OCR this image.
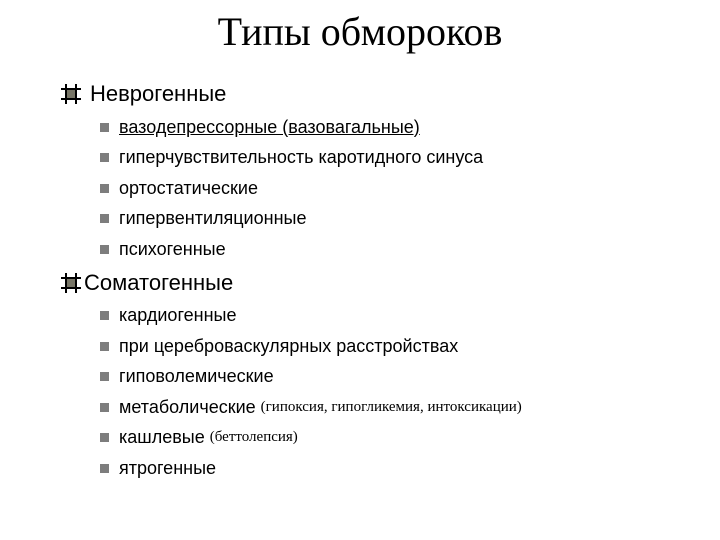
Типы обмороков
Неврогенные
вазодепрессорные (вазовагальные)
гиперчувствительность каротидного синуса
ортостатические
гипервентиляционные
психогенные
Соматогенные
кардиогенные
при цереброваскулярных расстройствах
гиповолемические
метаболические (гипоксия, гипогликемия, интоксикации)
кашлевые (беттолепсия)
ятрогенные
